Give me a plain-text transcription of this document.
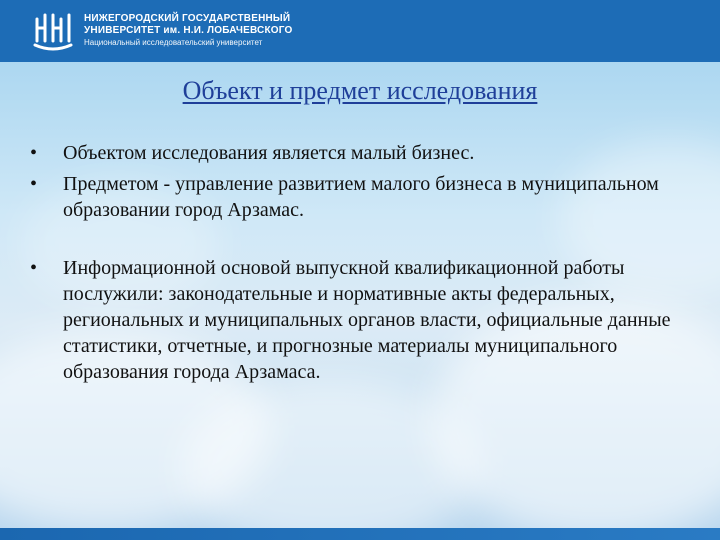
НИЖЕГОРОДСКИЙ ГОСУДАРСТВЕННЫЙ
УНИВЕРСИТЕТ им. Н.И. ЛОБАЧЕВСКОГО
Национальный исследовательский университет
Объект и предмет исследования
• Объектом исследования является малый бизнес.
• Предметом - управление развитием малого бизнеса в муниципальном образовании город Арзамас.
• Информационной основой выпускной квалификационной работы послужили: законодательные и нормативные акты федеральных, региональных и муниципальных органов власти, официальные данные статистики, отчетные, и прогнозные материалы муниципального образования города Арзамаса.
